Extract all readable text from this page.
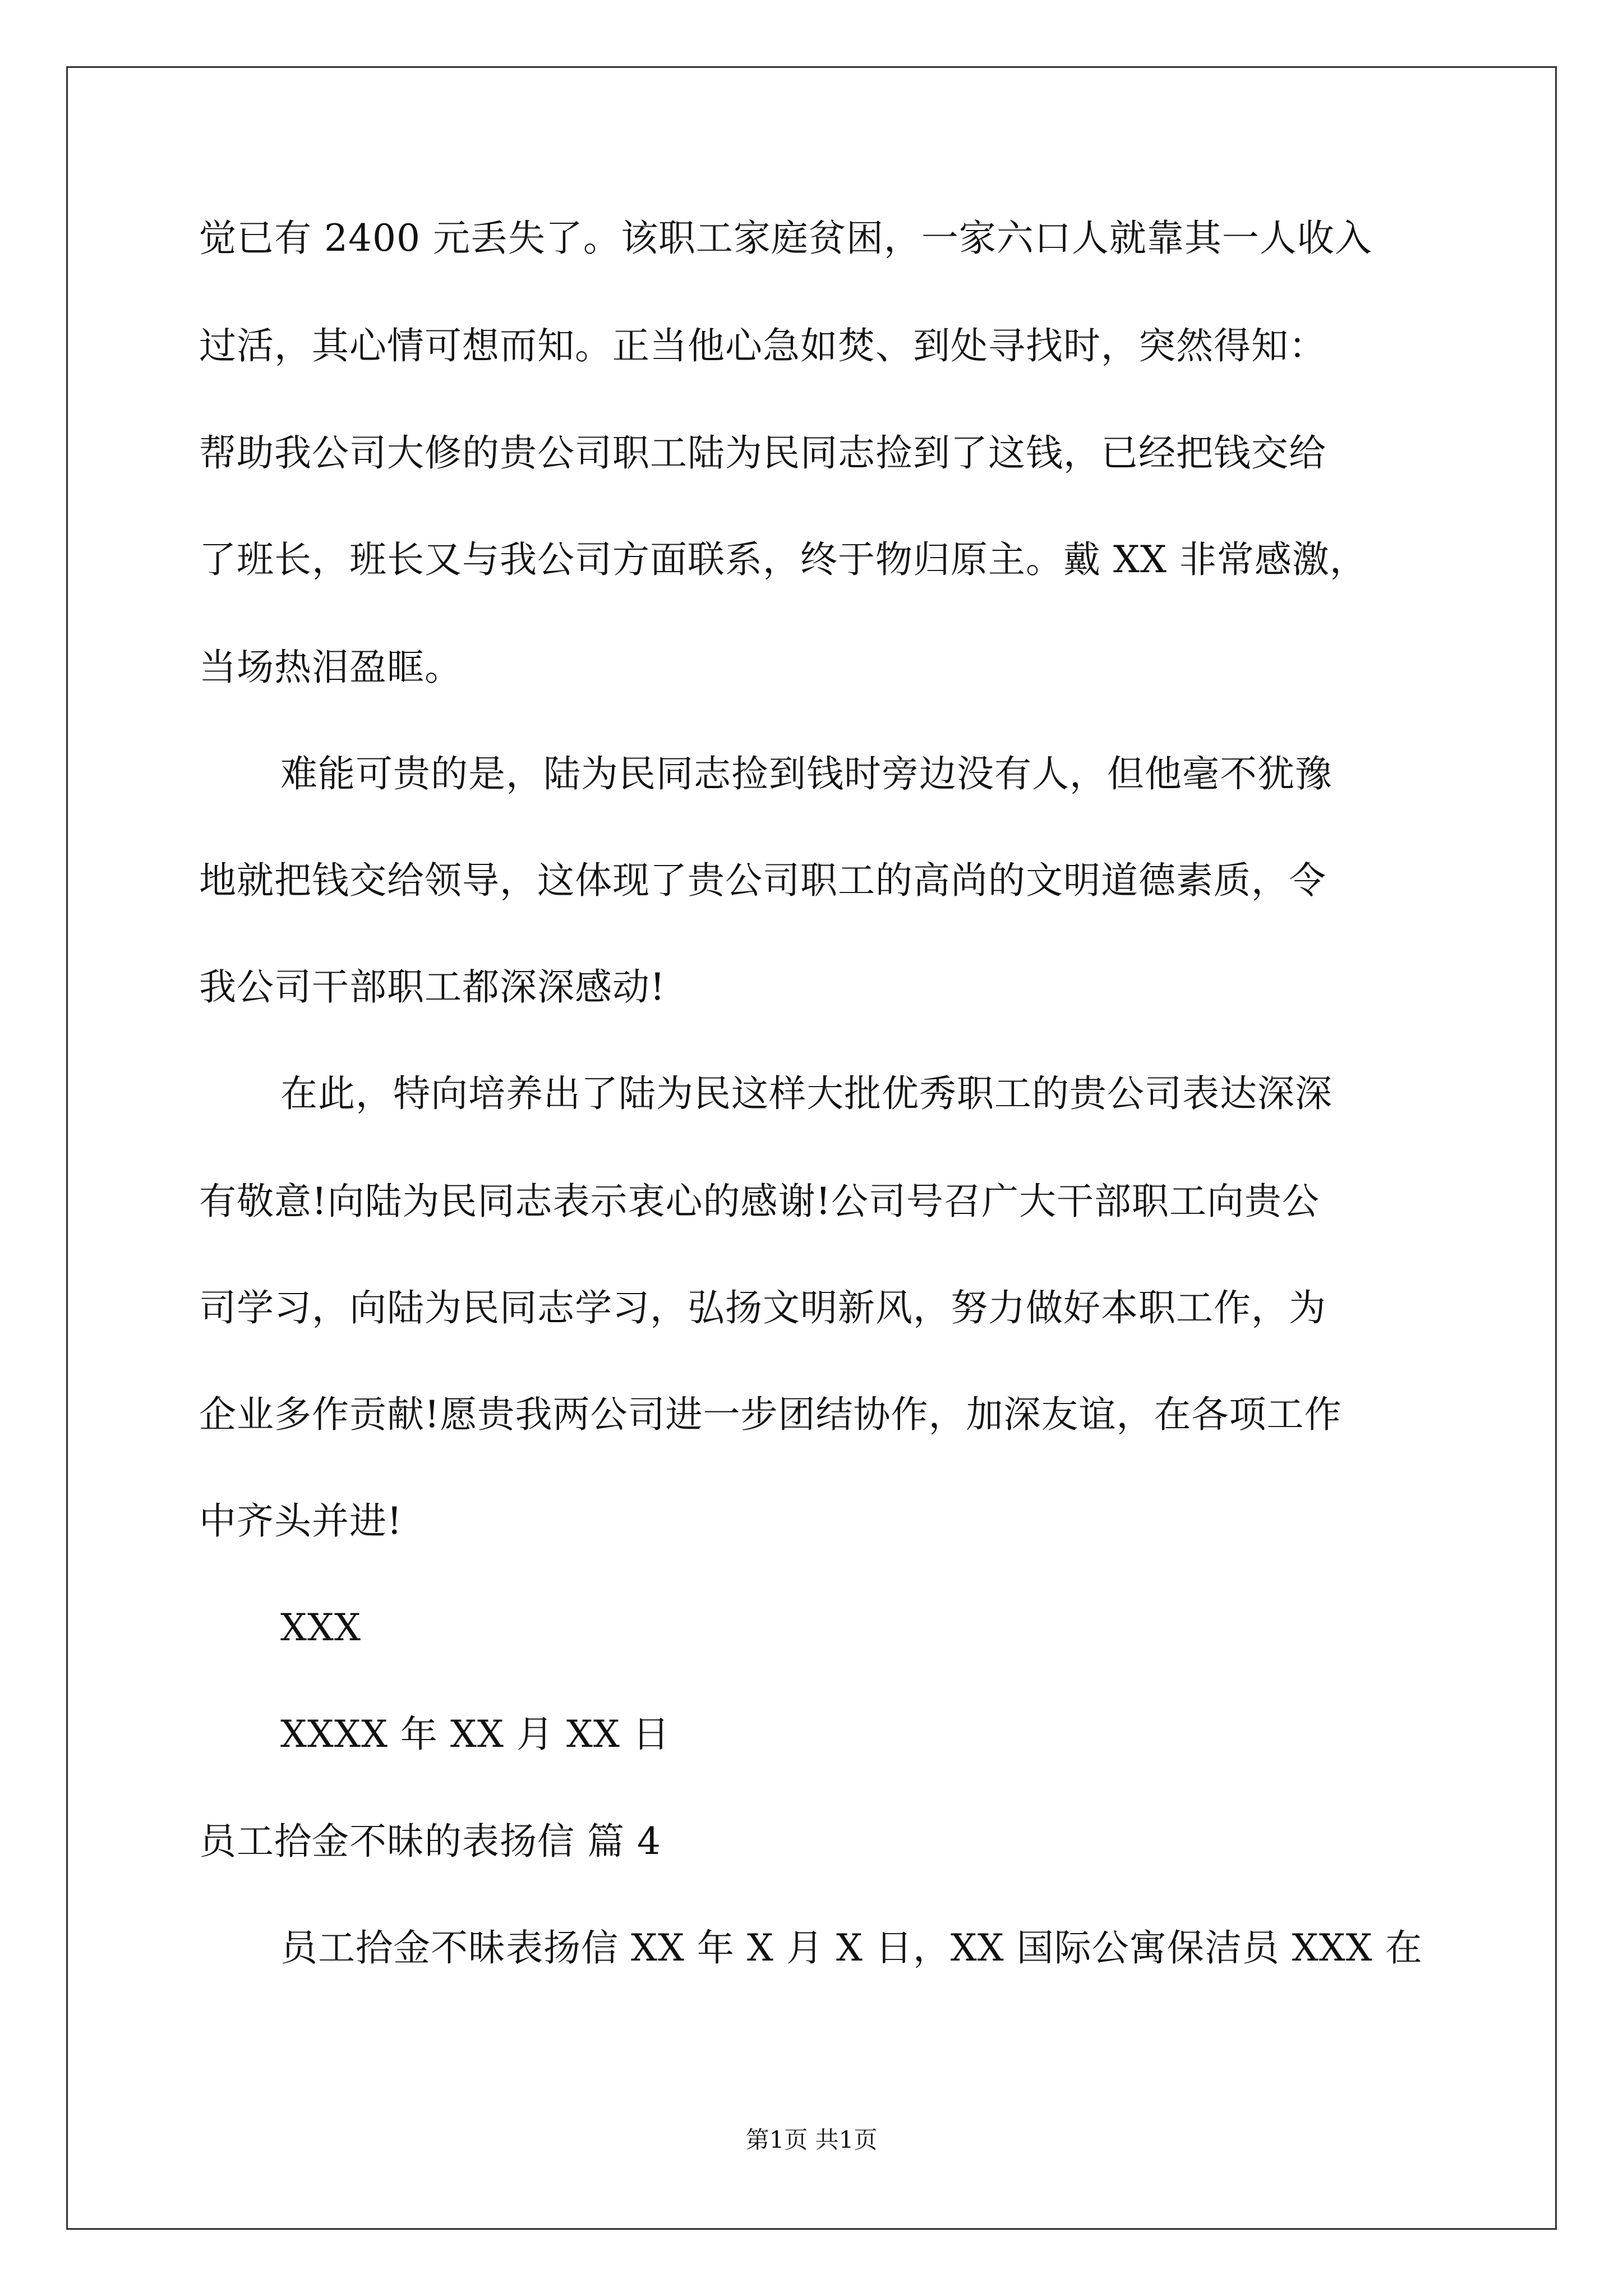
觉已有 2400 元丢失了。该职工家庭贫困，一家六口人就靠其一人收入
过活，其心情可想而知。正当他心急如焚、到处寻找时，突然得知：
帮助我公司大修的贵公司职工陆为民同志捡到了这钱，已经把钱交给
了班长，班长又与我公司方面联系，终于物归原主。戴 XX 非常感激，
当场热泪盈眶。
难能可贵的是，陆为民同志捡到钱时旁边没有人，但他毫不犹豫
地就把钱交给领导，这体现了贵公司职工的高尚的文明道德素质，令
我公司干部职工都深深感动!
在此，特向培养出了陆为民这样大批优秀职工的贵公司表达深深
有敬意!向陆为民同志表示衷心的感谢!公司号召广大干部职工向贵公
司学习，向陆为民同志学习，弘扬文明新风，努力做好本职工作，为
企业多作贡献!愿贵我两公司进一步团结协作，加深友谊，在各项工作
中齐头并进!
XXX
XXXX 年 XX 月 XX 日
员工拾金不昧的表扬信 篇 4
员工拾金不昧表扬信 XX 年 X 月 X 日，XX 国际公寓保洁员 XXX 在
第1页 共1页
